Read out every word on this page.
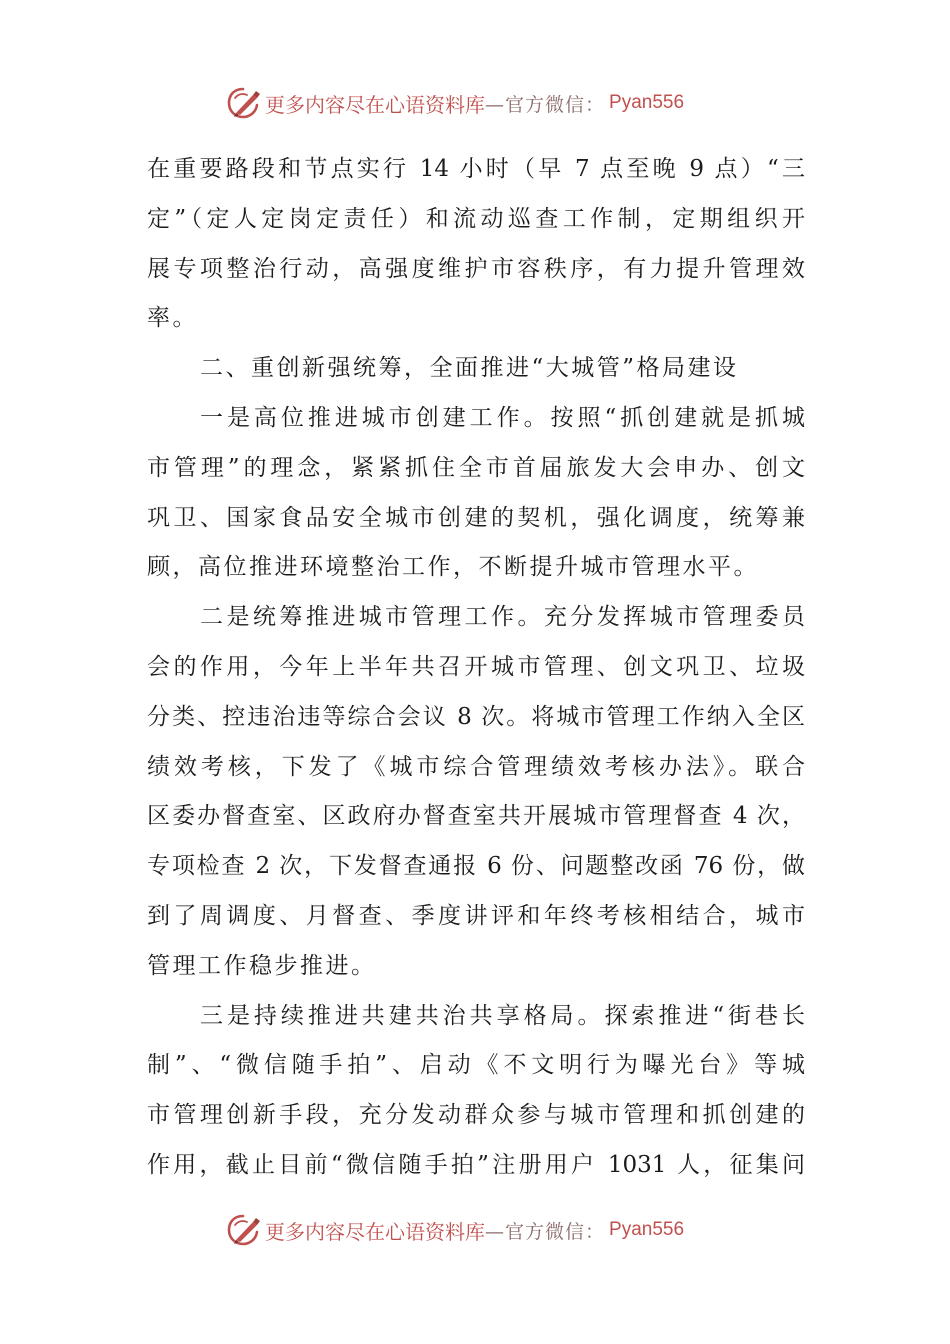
更多内容尽在心语资料库 —官方微信： Pyan556
在重要路段和节点实行 14 小时（早 7 点至晚 9 点）“三
定”（定人定岗定责任）和流动巡查工作制，定期组织开
展专项整治行动，高强度维护市容秩序，有力提升管理效
率。
二、重创新强统筹，全面推进“大城管”格局建设
一是高位推进城市创建工作。按照“抓创建就是抓城
市管理”的理念，紧紧抓住全市首届旅发大会申办、创文
巩卫、国家食品安全城市创建的契机，强化调度，统筹兼
顾，高位推进环境整治工作，不断提升城市管理水平。
二是统筹推进城市管理工作。充分发挥城市管理委员
会的作用，今年上半年共召开城市管理、创文巩卫、垃圾
分类、控违治违等综合会议 8 次。将城市管理工作纳入全区
绩效考核，下发了《城市综合管理绩效考核办法》。联合
区委办督查室、区政府办督查室共开展城市管理督查 4 次，
专项检查 2 次，下发督查通报 6 份、问题整改函 76 份，做
到了周调度、月督查、季度讲评和年终考核相结合，城市
管理工作稳步推进。
三是持续推进共建共治共享格局。探索推进“街巷长
制”、“微信随手拍”、启动《不文明行为曝光台》等城
市管理创新手段，充分发动群众参与城市管理和抓创建的
作用，截止目前“微信随手拍”注册用户 1031 人，征集问
更多内容尽在心语资料库 —官方微信： Pyan556
